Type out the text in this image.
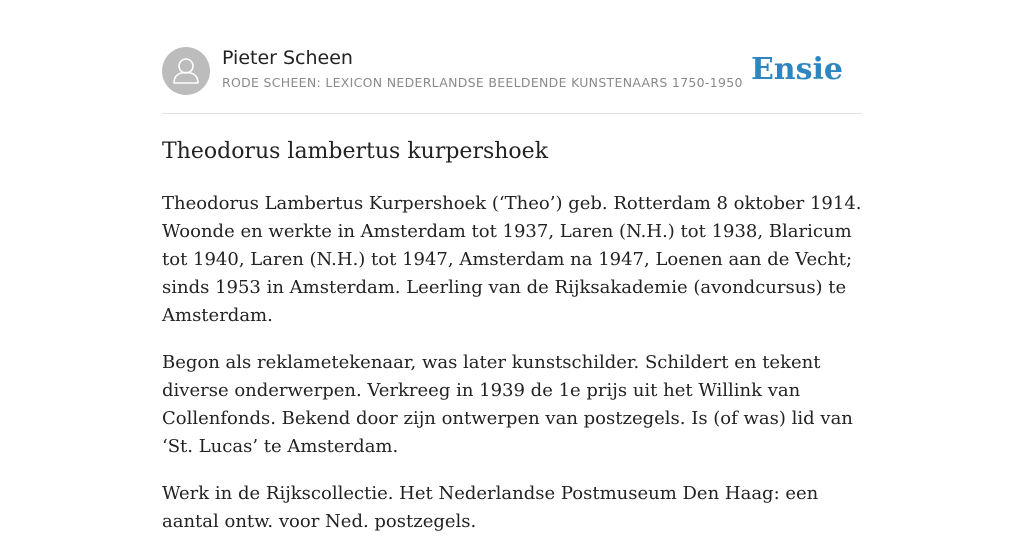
Pieter Scheen
RODE SCHEEN: LEXICON NEDERLANDSE BEELDENDE KUNSTENAARS 1750-1950 Ensie
Theodorus lambertus kurpershoek

Theodorus Lambertus Kurpershoek (‘Theo’) geb. Rotterdam 8 oktober 1914. Woonde en werkte in Amsterdam tot 1937, Laren (N.H.) tot 1938, Blaricum tot 1940, Laren (N.H.) tot 1947, Amsterdam na 1947, Loenen aan de Vecht; sinds 1953 in Amsterdam. Leerling van de Rijksakademie (avondcursus) te Amsterdam.

Begon als reklametekenaar, was later kunstschilder. Schildert en tekent diverse onderwerpen. Verkreeg in 1939 de 1e prijs uit het Willink van Collenfonds. Bekend door zijn ontwerpen van postzegels. Is (of was) lid van ‘St. Lucas’ te Amsterdam.

Werk in de Rijkscollectie. Het Nederlandse Postmuseum Den Haag: een aantal ontw. voor Ned. postzegels.
